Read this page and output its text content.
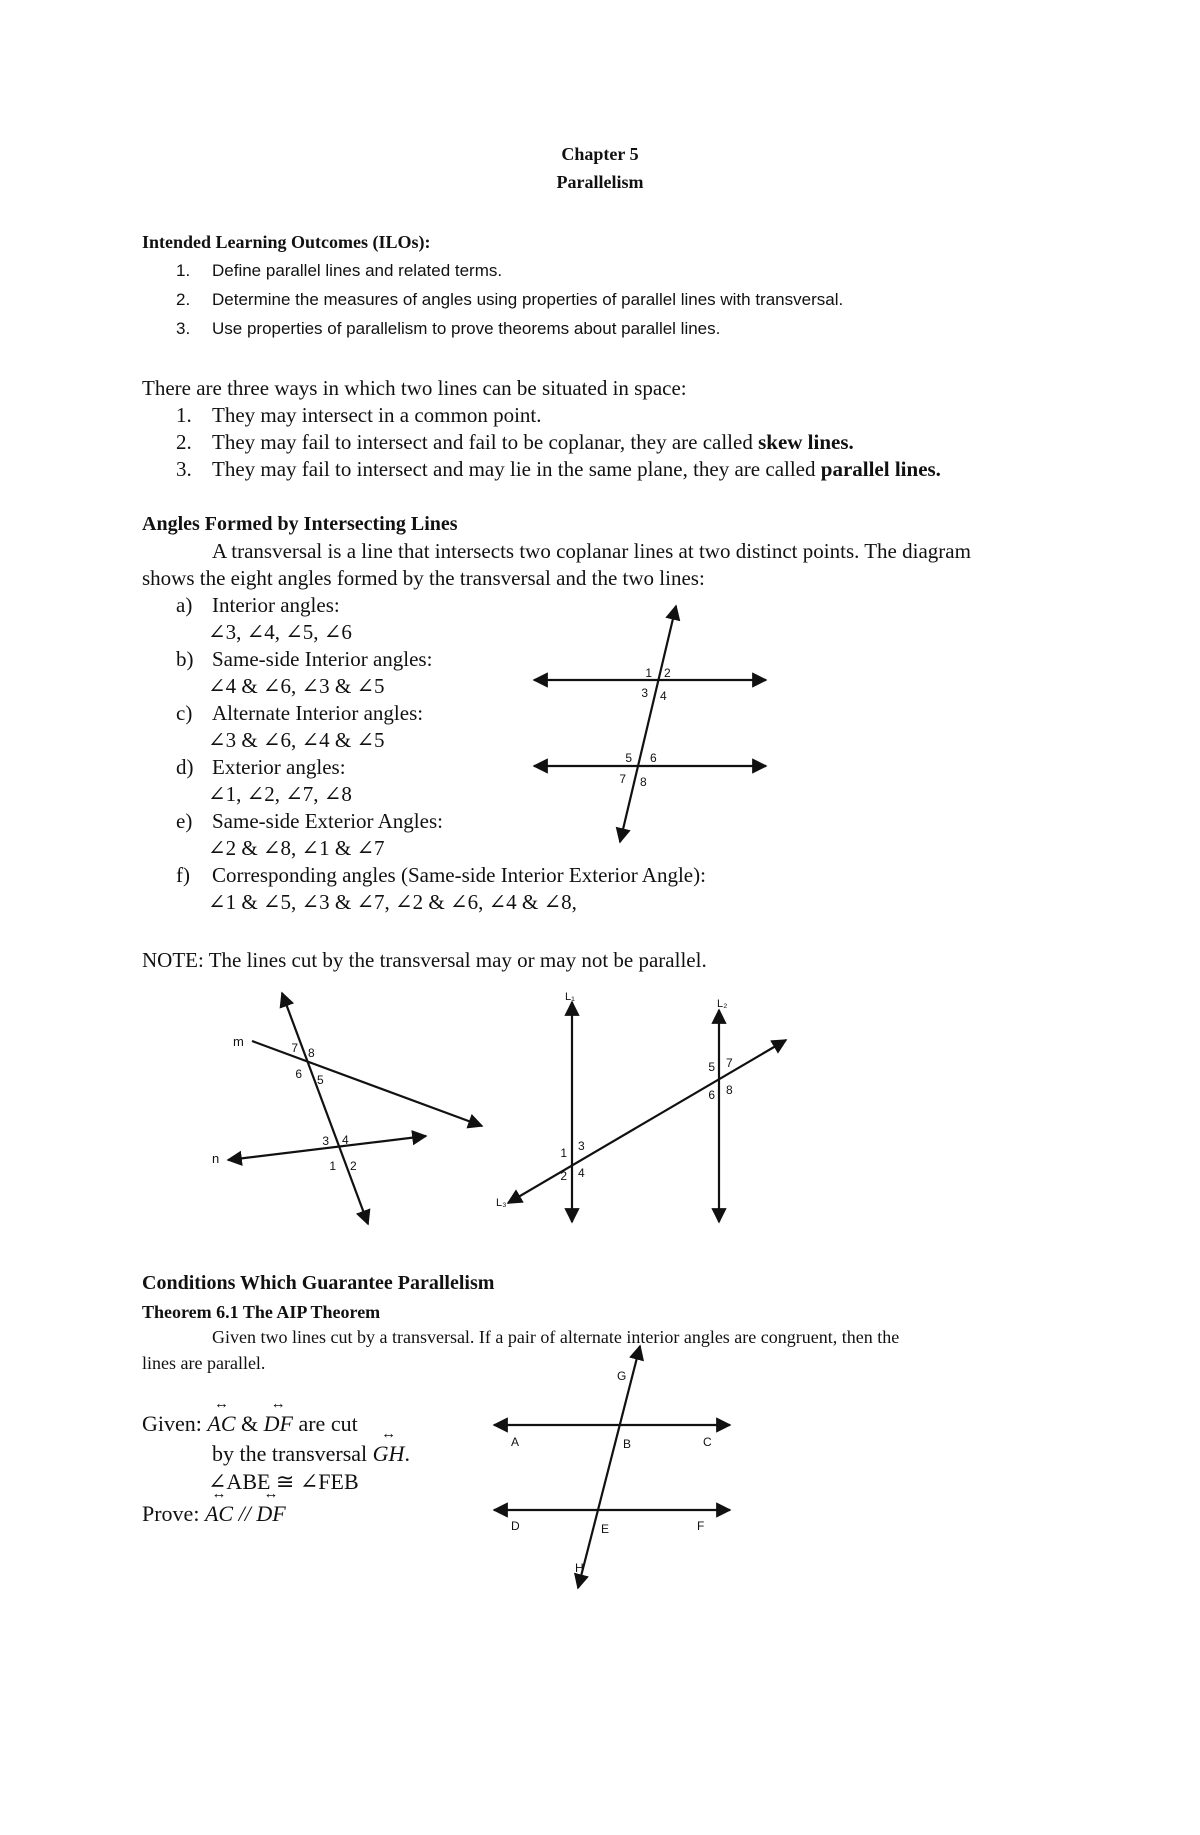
Chapter 5
Parallelism
Intended Learning Outcomes (ILOs):
1. Define parallel lines and related terms.
2. Determine the measures of angles using properties of parallel lines with transversal.
3. Use properties of parallelism to prove theorems about parallel lines.
There are three ways in which two lines can be situated in space:
1. They may intersect in a common point.
2. They may fail to intersect and fail to be coplanar, they are called skew lines.
3. They may fail to intersect and may lie in the same plane, they are called parallel lines.
Angles Formed by Intersecting Lines
A transversal is a line that intersects two coplanar lines at two distinct points. The diagram
shows the eight angles formed by the transversal and the two lines:
a) Interior angles:
∠3, ∠4, ∠5, ∠6
b) Same-side Interior angles:
∠4 & ∠6, ∠3 & ∠5
c) Alternate Interior angles:
∠3 & ∠6, ∠4 & ∠5
d) Exterior angles:
∠1, ∠2, ∠7, ∠8
e) Same-side Exterior Angles:
∠2 & ∠8, ∠1 & ∠7
f) Corresponding angles (Same-side Interior Exterior Angle):
∠1 & ∠5, ∠3 & ∠7, ∠2 & ∠6, ∠4 & ∠8,
1 2
3 4
5 6
7 8
NOTE: The lines cut by the transversal may or may not be parallel.
m
n
7 8
6 5
3 4
1 2
L₁
L₂
L₃
1 3
2 4
5 7
6 8
Conditions Which Guarantee Parallelism
Theorem 6.1 The AIP Theorem
Given two lines cut by a transversal. If a pair of alternate interior angles are congruent, then the
lines are parallel.
Given: ↔ AC & ↔ DF are cut
by the transversal ↔ GH.
∠ABE ≅ ∠FEB
Prove: ↔ AC // ↔ DF
G
A	B	C
D	E	F
H
